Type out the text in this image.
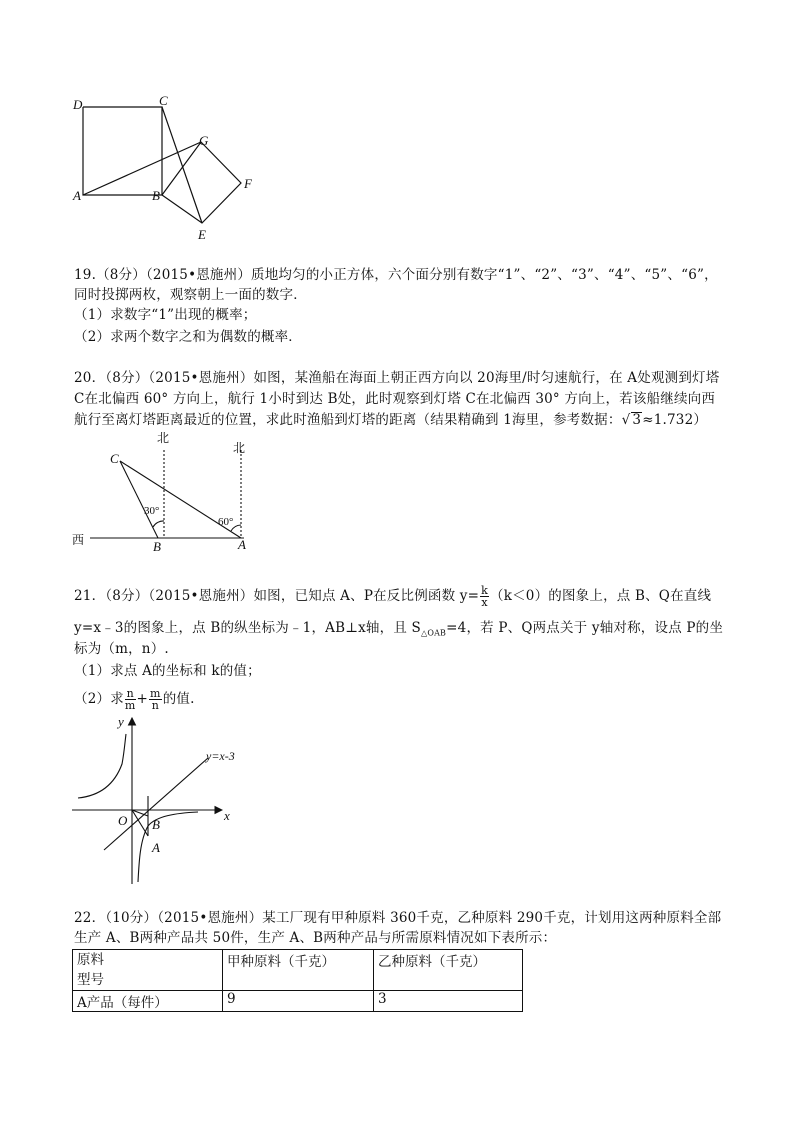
D	C
G
F
A	B
E
19.（8分）（2015•恩施州）质地均匀的小正方体，六个面分别有数字“1”、“2”、“3”、“4”、“5”、“6”，
同时投掷两枚，观察朝上一面的数字．
（1）求数字“1”出现的概率；
（2）求两个数字之和为偶数的概率．
20．（8分）（2015•恩施州）如图，某渔船在海面上朝正西方向以 20海里/时匀速航行，在 A处观测到灯塔
C在北偏西 60° 方向上，航行 1小时到达 B处，此时观察到灯塔 C在北偏西 30° 方向上，若该船继续向西
航行至离灯塔距离最近的位置，求此时渔船到灯塔的距离（结果精确到 1海里，参考数据：√ 3≈1.732）
北
北
西
C
B	A
30°
60°
21．（8分）（2015•恩施州）如图，已知点 A、P在反比例函数 $y= \frac{k}{x} (k<0)$的图象上，点 B、Q在直线
y=x﹣3的图象上，点 B的纵坐标为﹣1，AB⊥x轴，且 $S_{\triangle OAB}=4$，若 P、Q两点关于 y轴对称，设点 P的坐
标为（m，n）.
（1）求点 A的坐标和 k的值；
（2）求 $\frac{n}{m} + \frac{m}{n}$ 的值.
y
x
O B
A
y=x-3
22．（10分）（2015•恩施州）某工厂现有甲种原料 360千克，乙种原料 290千克，计划用这两种原料全部
生产 A、B两种产品共 50件，生产 A、B两种产品与所需原料情况如下表所示：
原料
型号	甲种原料（千克）	乙种原料（千克）
A产品（每件）	9	3
